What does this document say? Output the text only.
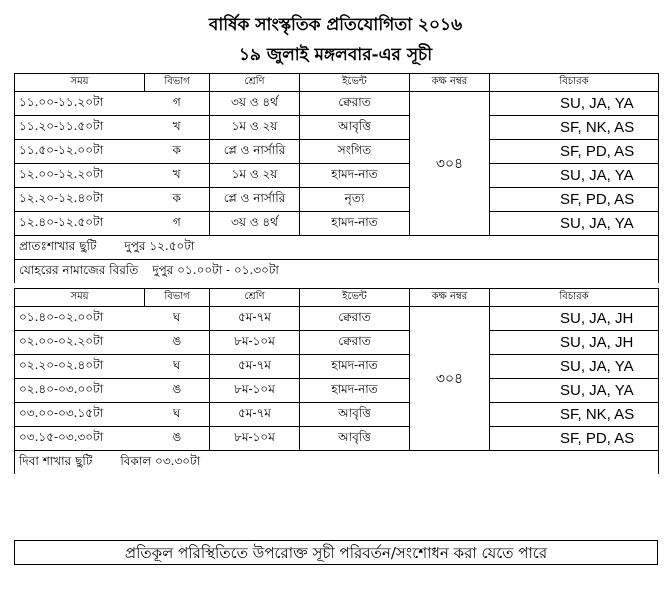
বার্ষিক সাংস্কৃতিক প্রতিযোগিতা ২০১৬
১৯ জুলাই মঙ্গলবার-এর সূচী
সময়	বিভাগ	শ্রেণি	ইভেন্ট	কক্ষ নম্বর	বিচারক
১১.০০-১১.২০টা	গ	৩য় ও ৪র্থ	ক্বেরাত	৩০৪	SU, JA, YA
১১.২০-১১.৫০টা	খ	১ম ও ২য়	আবৃত্তি		SF, NK, AS
১১.৫০-১২.০০টা	ক	প্লে ও নার্সারি	সংগিত		SF, PD, AS
১২.০০-১২.২০টা	খ	১ম ও ২য়	হামদ-নাত		SU, JA, YA
১২.২০-১২.৪০টা	ক	প্লে ও নার্সারি	নৃত্য		SF, PD, AS
১২.৪০-১২.৫০টা	গ	৩য় ও ৪র্থ	হামদ-নাত		SU, JA, YA
প্রাতঃশাখার ছুটি দুপুর ১২.৫০টা					
যোহরের নামাজের বিরতি দুপুর ০১.০০টা - ০১.৩০টা					
সময়	বিভাগ	শ্রেণি	ইভেন্ট	কক্ষ নম্বর	বিচারক
০১.৪০-০২.০০টা	ঘ	৫ম-৭ম	ক্বেরাত	৩০৪	SU, JA, JH
০২.০০-০২.২০টা	ঙ	৮ম-১০ম	ক্বেরাত		SU, JA, JH
০২.২০-০২.৪০টা	ঘ	৫ম-৭ম	হামদ-নাত		SU, JA, YA
০২.৪০-০৩.০০টা	ঙ	৮ম-১০ম	হামদ-নাত		SU, JA, YA
০৩.০০-০৩.১৫টা	ঘ	৫ম-৭ম	আবৃত্তি		SF, NK, AS
০৩.১৫-০৩.৩০টা	ঙ	৮ম-১০ম	আবৃত্তি		SF, PD, AS
দিবা শাখার ছুটি বিকাল ০৩.৩০টা					
প্রতিকূল পরিস্থিতিতে উপরোক্ত সূচী পরিবর্তন/সংশোধন করা যেতে পারে
